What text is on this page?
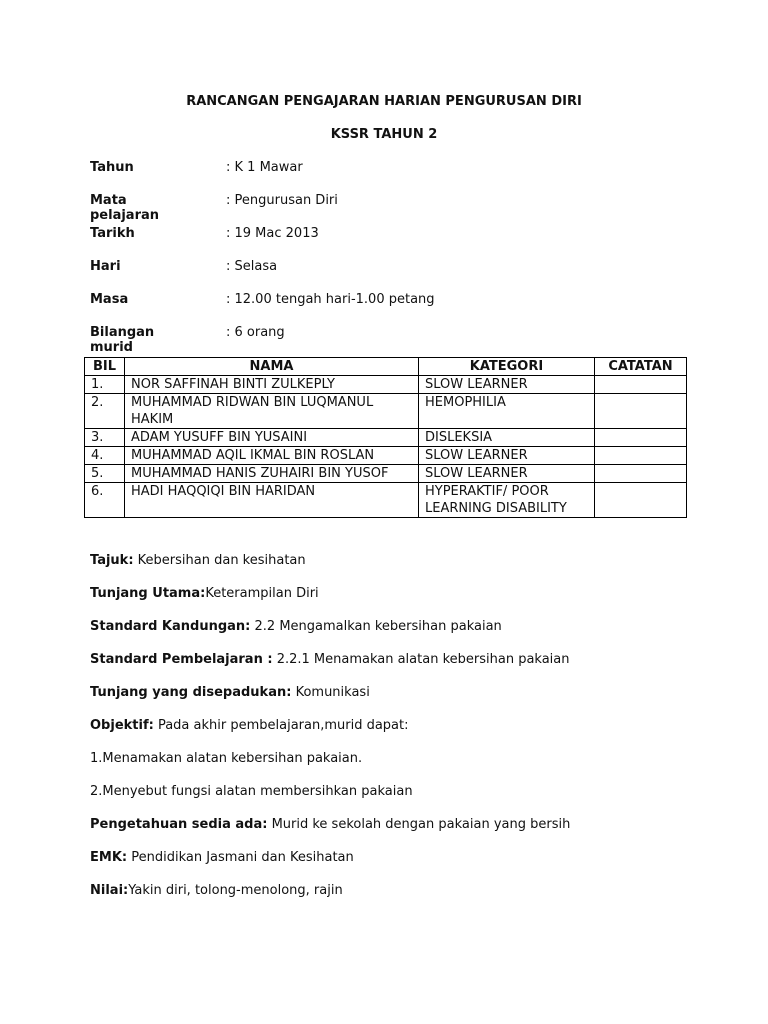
RANCANGAN PENGAJARAN HARIAN PENGURUSAN DIRI
KSSR TAHUN 2
Tahun	: K 1 Mawar
Mata pelajaran
: Pengurusan Diri
Tarikh	: 19 Mac 2013
Hari	: Selasa
Masa	: 12.00 tengah hari-1.00 petang
Bilangan murid
: 6 orang
BIL	NAMA	KATEGORI	CATATAN
1.	NOR SAFFINAH BINTI ZULKEPLY	SLOW LEARNER	
2.	MUHAMMAD RIDWAN BIN LUQMANUL HAKIM	HEMOPHILIA	
3.	ADAM YUSUFF BIN YUSAINI	DISLEKSIA	
4.	MUHAMMAD AQIL IKMAL BIN ROSLAN	SLOW LEARNER	
5.	MUHAMMAD HANIS ZUHAIRI BIN YUSOF	SLOW LEARNER	
6.	HADI HAQQIQI BIN HARIDAN	HYPERAKTIF/ POOR LEARNING DISABILITY	
Tajuk: Kebersihan dan kesihatan
Tunjang Utama:Keterampilan Diri
Standard Kandungan: 2.2 Mengamalkan kebersihan pakaian
Standard Pembelajaran : 2.2.1 Menamakan alatan kebersihan pakaian
Tunjang yang disepadukan: Komunikasi
Objektif: Pada akhir pembelajaran,murid dapat:
1.Menamakan alatan kebersihan pakaian.
2.Menyebut fungsi alatan membersihkan pakaian
Pengetahuan sedia ada: Murid ke sekolah dengan pakaian yang bersih
EMK: Pendidikan Jasmani dan Kesihatan
Nilai:Yakin diri, tolong-menolong, rajin
